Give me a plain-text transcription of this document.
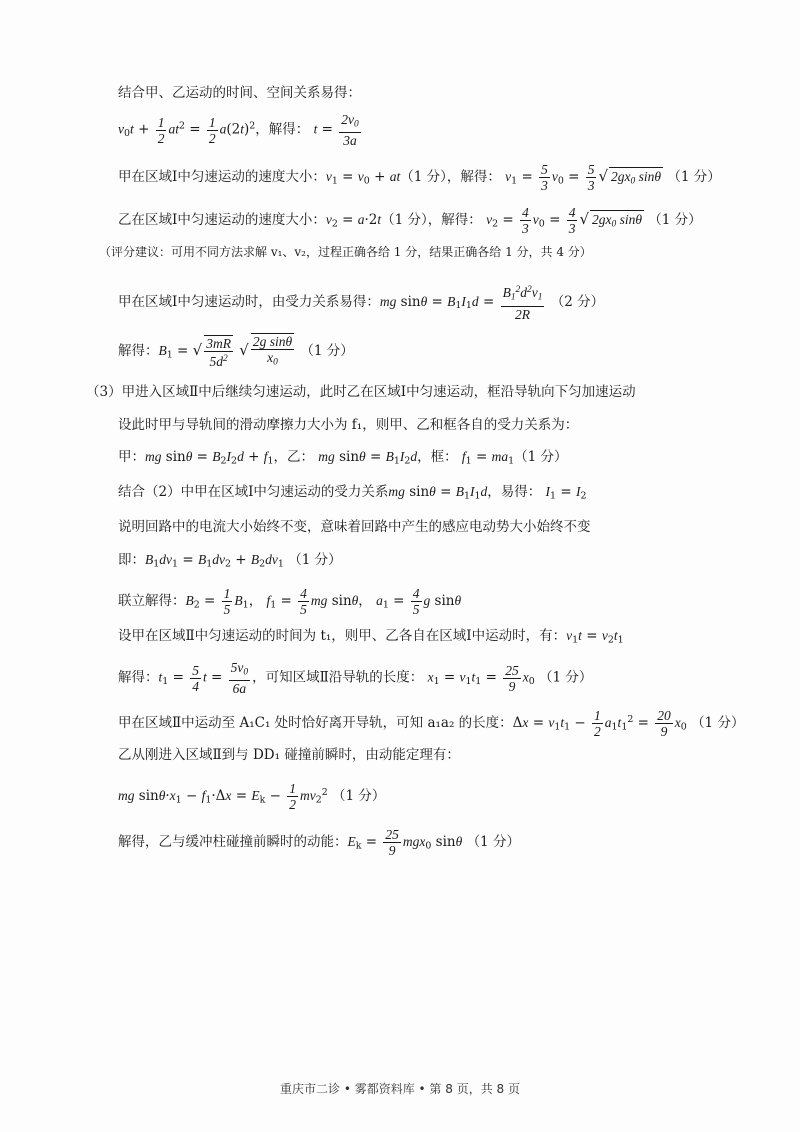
结合甲、乙运动的时间、空间关系易得：
$v_0t + \frac{1}{2} at^2 = \frac{1}{2} a(2t)^2$，解得： $t = \frac{2v_0}{3a}$
甲在区域Ⅰ中匀速运动的速度大小：$v_1 = v_0 + at(1$ 分），解得： $v_1 = \frac{5}{3} v_0 = \frac{5}{3}$ √ $2gx_0$ sinθ （1 分）
乙在区域Ⅰ中匀速运动的速度大小：$v_2 = a\cdot 2t(1$ 分），解得： $v_2 = \frac{4}{3} v_0 = \frac{4}{3}$ √ $2gx_0$ sinθ （1 分）
（评分建议：可用不同方法求解 v₁、v₂，过程正确各给 1 分，结果正确各给 1 分，共 4 分）
甲在区域Ⅰ中匀速运动时，由受力关系易得：mg $\sin\theta = B_1I_1d = \frac{B_1^2d^2v_1}{2R} (2$ 分）
解得：$B_1$ = √ $\frac{3mR}{5d^2}$ √ $\frac{\text{2g sinθ}}{x_0} (1$ 分）
（3）甲进入区域Ⅱ中后继续匀速运动，此时乙在区域Ⅰ中匀速运动，框沿导轨向下匀加速运动
设此时甲与导轨间的滑动摩擦力大小为 f₁，则甲、乙和框各自的受力关系为：
甲：mg $\sin\theta = B_2I_2d + f_1$，乙： mg $\sin\theta = B_1I_2d$，框： $f_1 = ma_1(1$ 分）
结合（2）中甲在区域Ⅰ中匀速运动的受力关系mg $\sin\theta = B_1I_1d$，易得： $I_1 = I_2$
说明回路中的电流大小始终不变，意味着回路中产生的感应电动势大小始终不变
即：$B_1dv_1 = B_1dv_2 + B_2dv_1$ （1 分）
联立解得：$B_2 = \frac{1}{5} B_1$， $f_1 = \frac{4}{5}$ mg sinθ， $a_1 = \frac{4}{5}$ g sinθ
设甲在区域Ⅱ中匀速运动的时间为 t₁，则甲、乙各自在区域Ⅰ中运动时，有：$v_1t = v_2t_1$
解得：$t_1 = \frac{5}{4}$ $t = \frac{5v_0}{6a}$ ，可知区域Ⅱ沿导轨的长度： $x_1 = v_1t_1 = \frac{25}{9} x_0$ （1 分）
甲在区域Ⅱ中运动至 A₁C₁ 处时恰好离开导轨，可知 a₁a₂ 的长度：$\Delta x = v_1t_1 - \frac{1}{2} a_1t_1^2 = \frac{20}{9} x_0$ （1 分）
乙从刚进入区域Ⅱ到与 DD₁ 碰撞前瞬时，由动能定理有：
mg $\sin\theta\cdot x_1 - f_1\cdot\Delta x = E_k - \frac{1}{2} mv_2^2$ （1 分）
解得，乙与缓冲柱碰撞前瞬时的动能：$E_k = \frac{25}{9} mgx_0$ sinθ （1 分）
重庆市二诊 • 雾都资料库 • 第 8 页，共 8 页
